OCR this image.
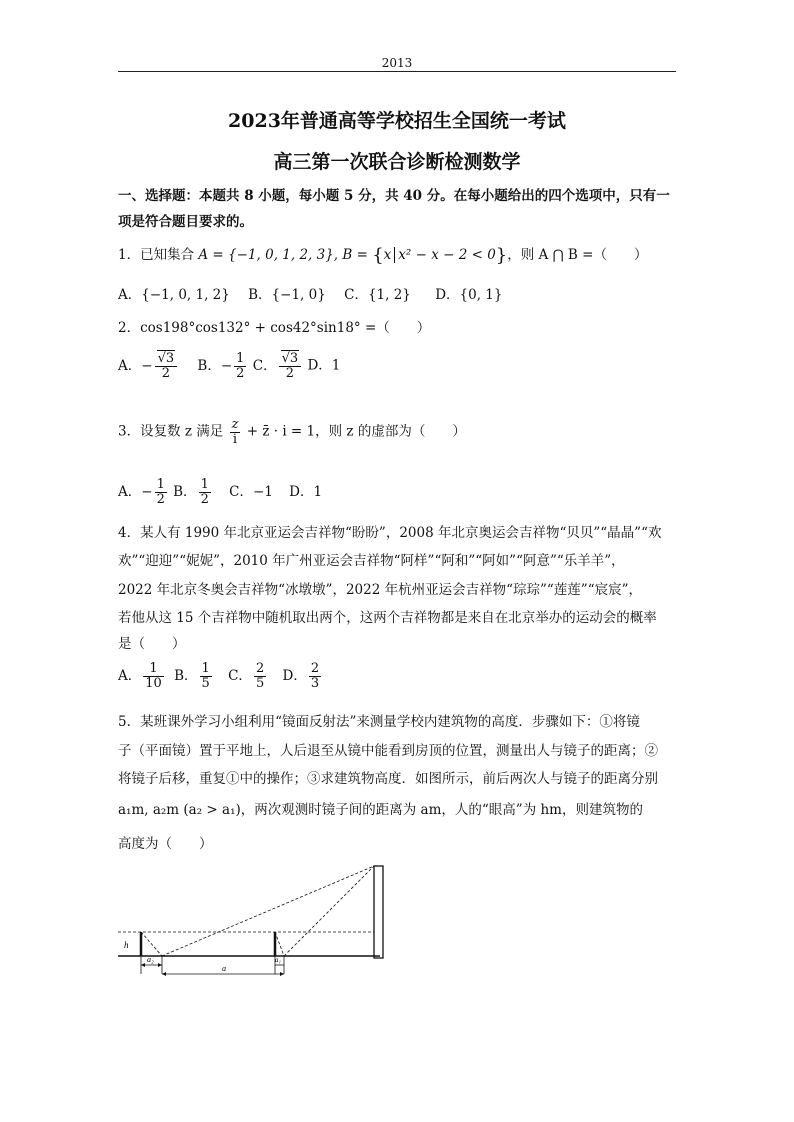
2013
2023年普通高等学校招生全国统一考试
高三第一次联合诊断检测数学
一、选择题：本题共 8 小题，每小题 5 分，共 40 分。在每小题给出的四个选项中，只有一
项是符合题目要求的。
1．已知集合 A = {−1, 0, 1, 2, 3}, B = {x x² − x − 2 < 0}，则 A ⋂ B =（　　）
A．{−1, 0, 1, 2} B．{−1, 0} C．{1, 2} D．{0, 1}
2．cos198°cos132° + cos42°sin18° =（　　）
A．− $\frac{√3}{2}$ B．− $\frac{1}{2}$ C． $\frac{√3}{2}$ D．1
3．设复数 z 满足 $\frac{z}{i}$ + z̄ · i = 1，则 z 的虚部为（　　）
A．− $\frac{1}{2}$ B． $\frac{1}{2}$ C．−1 D．1
4．某人有 1990 年北京亚运会吉祥物“盼盼”，2008 年北京奥运会吉祥物“贝贝”“晶晶”“欢
欢”“迎迎”“妮妮”，2010 年广州亚运会吉祥物“阿样”“阿和”“阿如”“阿意”“乐羊羊”，
2022 年北京冬奥会吉祥物“冰墩墩”，2022 年杭州亚运会吉祥物“琮琮”“莲莲”“宸宸”，
若他从这 15 个吉祥物中随机取出两个，这两个吉祥物都是来自在北京举办的运动会的概率
是（　　）
A． $\frac{1}{10}$ B． $\frac{1}{5}$ C． $\frac{2}{5}$ D． $\frac{2}{3}$
5．某班课外学习小组利用“镜面反射法”来测量学校内建筑物的高度．步骤如下：①将镜
子（平面镜）置于平地上，人后退至从镜中能看到房顶的位置，测量出人与镜子的距离；②
将镜子后移，重复①中的操作；③求建筑物高度．如图所示，前后两次人与镜子的距离分别
a₁m, a₂m (a₂ > a₁)，两次观测时镜子间的距离为 am，人的“眼高”为 hm，则建筑物的
高度为（　　）
h
a₂
a
a₁
